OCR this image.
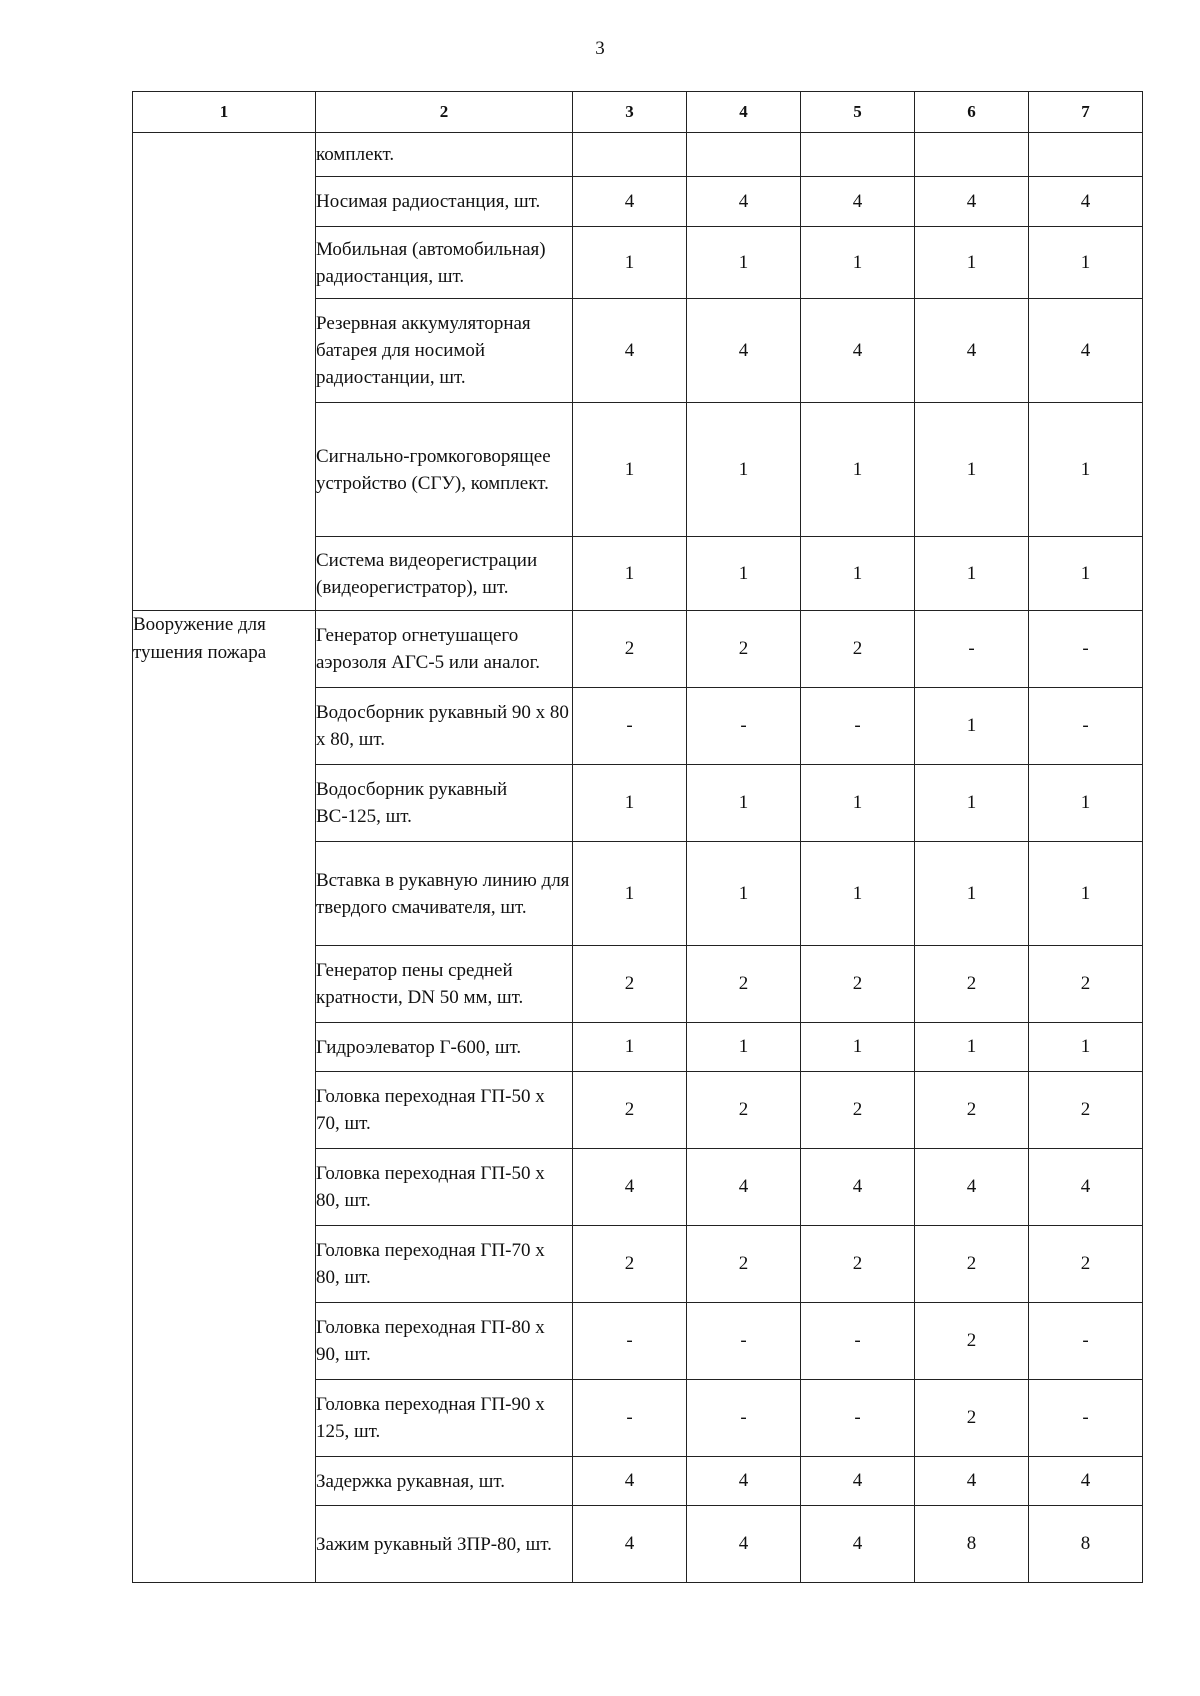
3
1	2	3	4	5	6	7
	комплект.					
	Носимая радиостанция, шт.	4	4	4	4	4
	Мобильная (автомобильная) радиостанция, шт.	1	1	1	1	1
	Резервная аккумуляторная батарея для носимой радиостанции, шт.	4	4	4	4	4
	Сигнально-громкоговорящее устройство (СГУ), комплект.	1	1	1	1	1
	Система видеорегистрации (видеорегистратор), шт.	1	1	1	1	1
Вооружение для тушения пожара	Генератор огнетушащего аэрозоля АГС-5 или аналог.	2	2	2	-	-
	Водосборник рукавный 90 х 80 х 80, шт.	-	-	-	1	-
	Водосборник рукавный ВС-125, шт.	1	1	1	1	1
	Вставка в рукавную линию для твердого смачивателя, шт.	1	1	1	1	1
	Генератор пены средней кратности, DN 50 мм, шт.	2	2	2	2	2
	Гидроэлеватор Г-600, шт.	1	1	1	1	1
	Головка переходная ГП-50 х 70, шт.	2	2	2	2	2
	Головка переходная ГП-50 х 80, шт.	4	4	4	4	4
	Головка переходная ГП-70 х 80, шт.	2	2	2	2	2
	Головка переходная ГП-80 х 90, шт.	-	-	-	2	-
	Головка переходная ГП-90 х 125, шт.	-	-	-	2	-
	Задержка рукавная, шт.	4	4	4	4	4
	Зажим рукавный ЗПР-80, шт.	4	4	4	8	8
